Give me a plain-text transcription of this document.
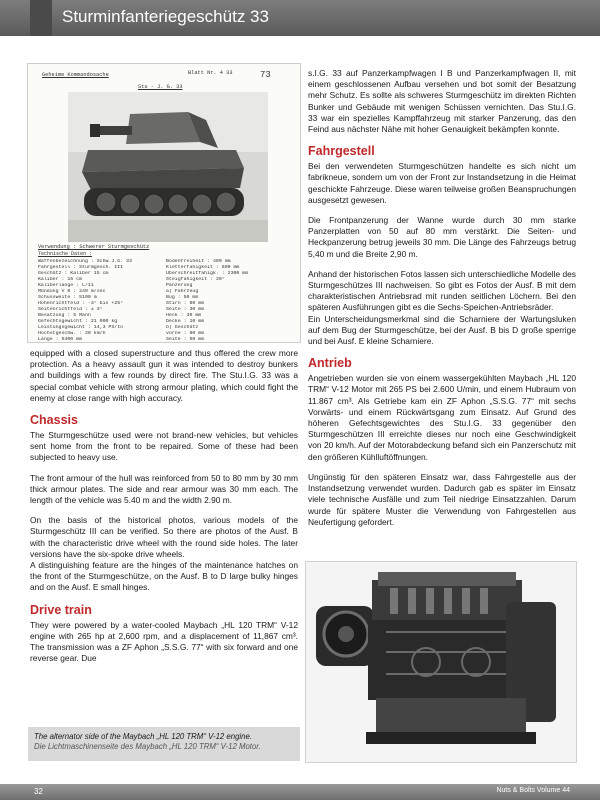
Sturminfanteriegeschütz 33
Geheime Kommandosache	Blatt Nr. 4 33	73
Stu - J. G. 33
Verwendung : Schwerer Sturmgeschütz
Technische Daten :
Waffenbezeichnung : Schw.J.G. 33	Bodenfreiheit : 400 mm
Fahrgestell : Sturmgesch. III	Kletterfähigkeit : 600 mm
Geschütz : Kaliber 15 cm	Überschreitfähigk. : 2300 mm
Kaliber : 15 cm	Steigfähigkeit : 30°
Kaliberlänge : L/11	Panzerung
Mündung V 0 : 240 m/sec	a) Fahrzeug
Schussweite : 5100 m	Bug : 50 mm
Höhenrichtfeld : -3° bis +25°	Stirn : 80 mm
Seitenrichtfeld : ± 3°	Seite : 30 mm
Besatzung : 5 Mann	Heck : 30 mm
Gefechtsgewicht : 21 000 kg	Decke : 10 mm
Leistungsgewicht : 14,3 PS/to	b) Geschütz
Höchstgeschw. : 20 km/h	vorne : 80 mm
Länge : 5400 mm	Seite : 50 mm

equipped with a closed superstructure and thus offered the crew more protection. As a heavy assault gun it was intended to destroy bunkers and buildings with a few rounds by direct fire. The Stu.I.G. 33 was a special combat vehicle with strong armour plating, which could fight the enemy at close range with high accuracy.

Chassis

The Sturmgeschütze used were not brand-new vehicles, but vehicles sent home from the front to be repaired. Some of these had been subjected to heavy use.

The front armour of the hull was reinforced from 50 to 80 mm by 30 mm thick armour plates. The side and rear armour was 30 mm each. The length of the vehicle was 5.40 m and the width 2.90 m.

On the basis of the historical photos, various models of the Sturmgeschütz III can be verified. So there are photos of the Ausf. B with the characteristic drive wheel with the round side holes. The later versions have the six-spoke drive wheels.

A distinguishing feature are the hinges of the maintenance hatches on the front of the Sturmgeschütze, on the Ausf. B to D large bulky hinges and on the Ausf. E small hinges.

Drive train

They were powered by a water-cooled Maybach „HL 120 TRM“ V-12 engine with 265 hp at 2,600 rpm, and a displacement of 11,867 cm³. The transmission was a ZF Aphon „S.S.G. 77“ with six forward and one reverse gear. Due

s.I.G. 33 auf Panzerkampfwagen I B und Panzerkampfwagen II, mit einem geschlossenen Aufbau versehen und bot somit der Besatzung mehr Schutz. Es sollte als schweres Sturmgeschütz im direkten Richten Bunker und Gebäude mit wenigen Schüssen vernichten. Das Stu.I.G. 33 war ein spezielles Kampffahrzeug mit starker Panzerung, das den Feind aus nächster Nähe mit hoher Genauigkeit bekämpfen konnte.

Fahrgestell

Bei den verwendeten Sturmgeschützen handelte es sich nicht um fabrikneue, sondern um von der Front zur Instandsetzung in die Heimat geschickte Fahrzeuge. Diese waren teilweise großen Beanspruchungen ausgesetzt gewesen.

Die Frontpanzerung der Wanne wurde durch 30 mm starke Panzerplatten von 50 auf 80 mm verstärkt. Die Seiten- und Heckpanzerung betrug jeweils 30 mm. Die Länge des Fahrzeugs betrug 5,40 m und die Breite 2,90 m.

Anhand der historischen Fotos lassen sich unterschiedliche Modelle des Sturmgeschützes III nachweisen. So gibt es Fotos der Ausf. B mit dem charakteristischen Antriebsrad mit runden seitlichen Löchern. Bei den späteren Ausführungen gibt es die Sechs-Speichen-Antriebsräder.

Ein Unterscheidungsmerkmal sind die Scharniere der Wartungsluken auf dem Bug der Sturmgeschütze, bei der Ausf. B bis D große sperrige und bei Ausf. E kleine Scharniere.

Antrieb

Angetrieben wurden sie von einem wassergekühlten Maybach „HL 120 TRM“ V-12 Motor mit 265 PS bei 2.600 U/min, und einem Hubraum von 11.867 cm³. Als Getriebe kam ein ZF Aphon „S.S.G. 77“ mit sechs Vorwärts- und einem Rückwärtsgang zum Einsatz. Auf Grund des höheren Gefechtsgewichtes des Stu.I.G. 33 gegenüber den Sturmgeschützen III erreichte dieses nur noch eine Geschwindigkeit von 20 km/h. Auf der Motorabdeckung befand sich ein Panzerschutz mit den größeren Kühlluftöffnungen.

Ungünstig für den späteren Einsatz war, dass Fahrgestelle aus der Instandsetzung verwendet wurden. Dadurch gab es später im Einsatz viele technische Ausfälle und zum Teil niedrige Einsatzzahlen. Darum wurde für spätere Muster die Verwendung von Fahrgestellen aus Neufertigung gefordert.

The alternator side of the Maybach „HL 120 TRM“ V-12 engine.
Die Lichtmaschinenseite des Maybach „HL 120 TRM“ V-12 Motor.
32	Nuts & Bolts Volume 44
